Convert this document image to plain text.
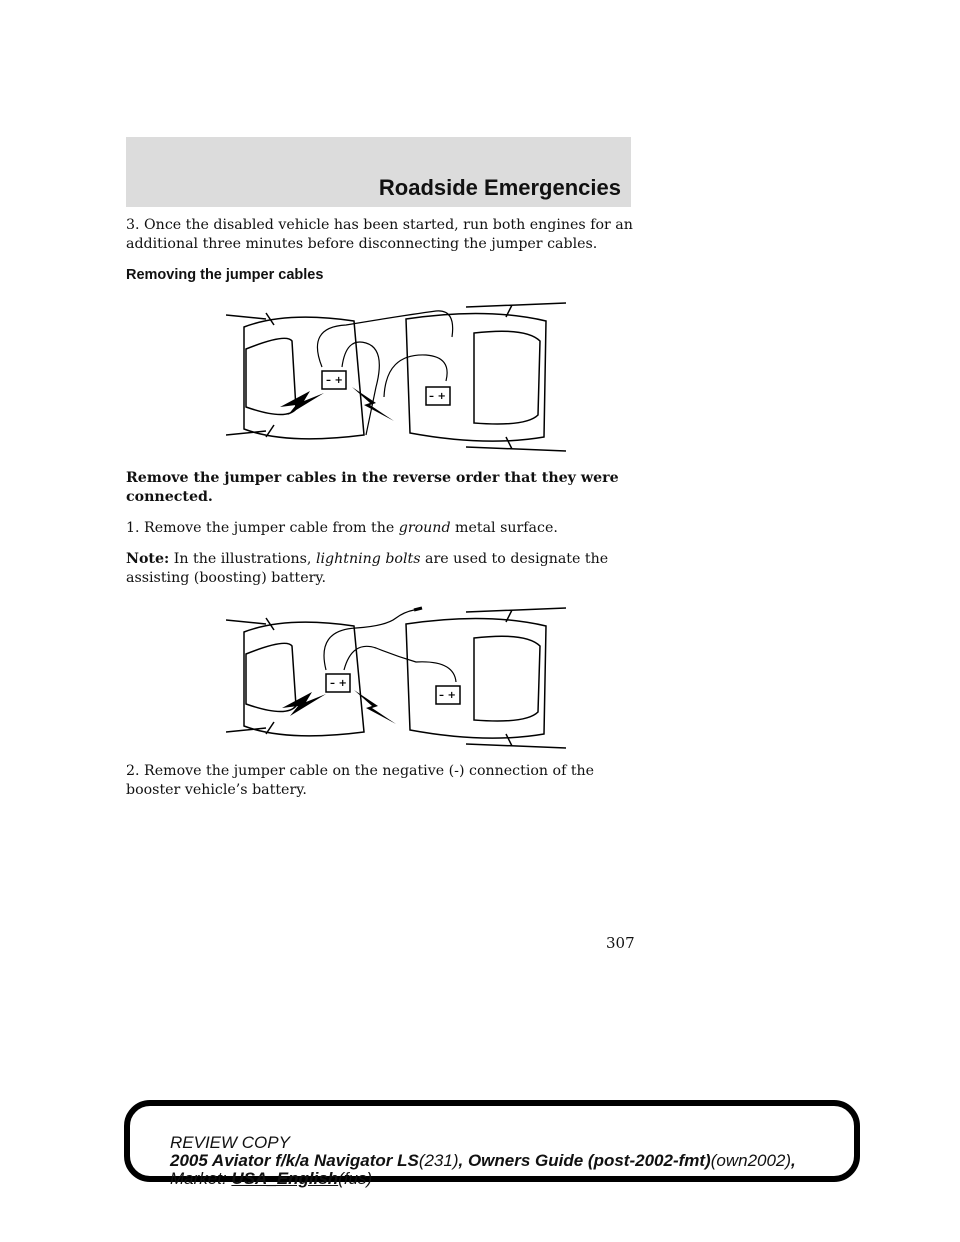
Roadside Emergencies

3. Once the disabled vehicle has been started, run both engines for an additional three minutes before disconnecting the jumper cables.

Removing the jumper cables

– +
– +

Remove the jumper cables in the reverse order that they were connected.

1. Remove the jumper cable from the ground metal surface.

Note: In the illustrations, lightning bolts are used to designate the assisting (boosting) battery.

– +
– +

2. Remove the jumper cable on the negative (-) connection of the booster vehicle’s battery.

307
REVIEW COPY
2005 Aviator f/k/a Navigator LS(231), Owners Guide (post-2002-fmt)(own2002),
Market: USA_English(fus)
